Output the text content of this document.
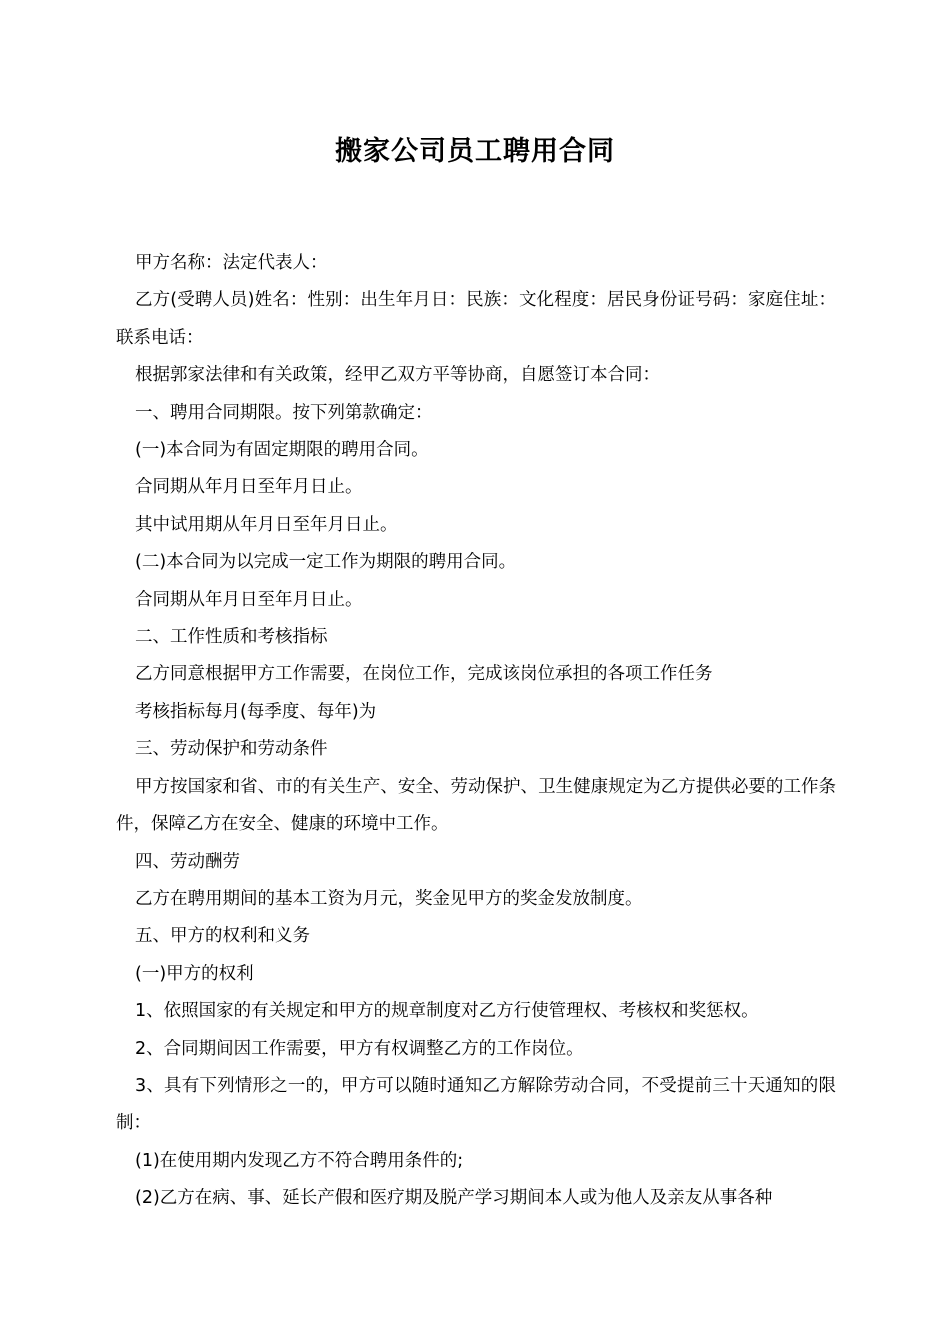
搬家公司员工聘用合同

甲方名称：法定代表人：

乙方(受聘人员)姓名：性别：出生年月日：民族：文化程度：居民身份证号码：家庭住址：联系电话：

根据郭家法律和有关政策，经甲乙双方平等协商，自愿签订本合同：

一、聘用合同期限。按下列第款确定：

(一)本合同为有固定期限的聘用合同。

合同期从年月日至年月日止。

其中试用期从年月日至年月日止。

(二)本合同为以完成一定工作为期限的聘用合同。

合同期从年月日至年月日止。

二、工作性质和考核指标

乙方同意根据甲方工作需要，在岗位工作，完成该岗位承担的各项工作任务

考核指标每月(每季度、每年)为

三、劳动保护和劳动条件

甲方按国家和省、市的有关生产、安全、劳动保护、卫生健康规定为乙方提供必要的工作条件，保障乙方在安全、健康的环境中工作。

四、劳动酬劳

乙方在聘用期间的基本工资为月元，奖金见甲方的奖金发放制度。

五、甲方的权利和义务

(一)甲方的权利

1、依照国家的有关规定和甲方的规章制度对乙方行使管理权、考核权和奖惩权。

2、合同期间因工作需要，甲方有权调整乙方的工作岗位。

3、具有下列情形之一的，甲方可以随时通知乙方解除劳动合同，不受提前三十天通知的限制：

(1)在使用期内发现乙方不符合聘用条件的;

(2)乙方在病、事、延长产假和医疗期及脱产学习期间本人或为他人及亲友从事各种
